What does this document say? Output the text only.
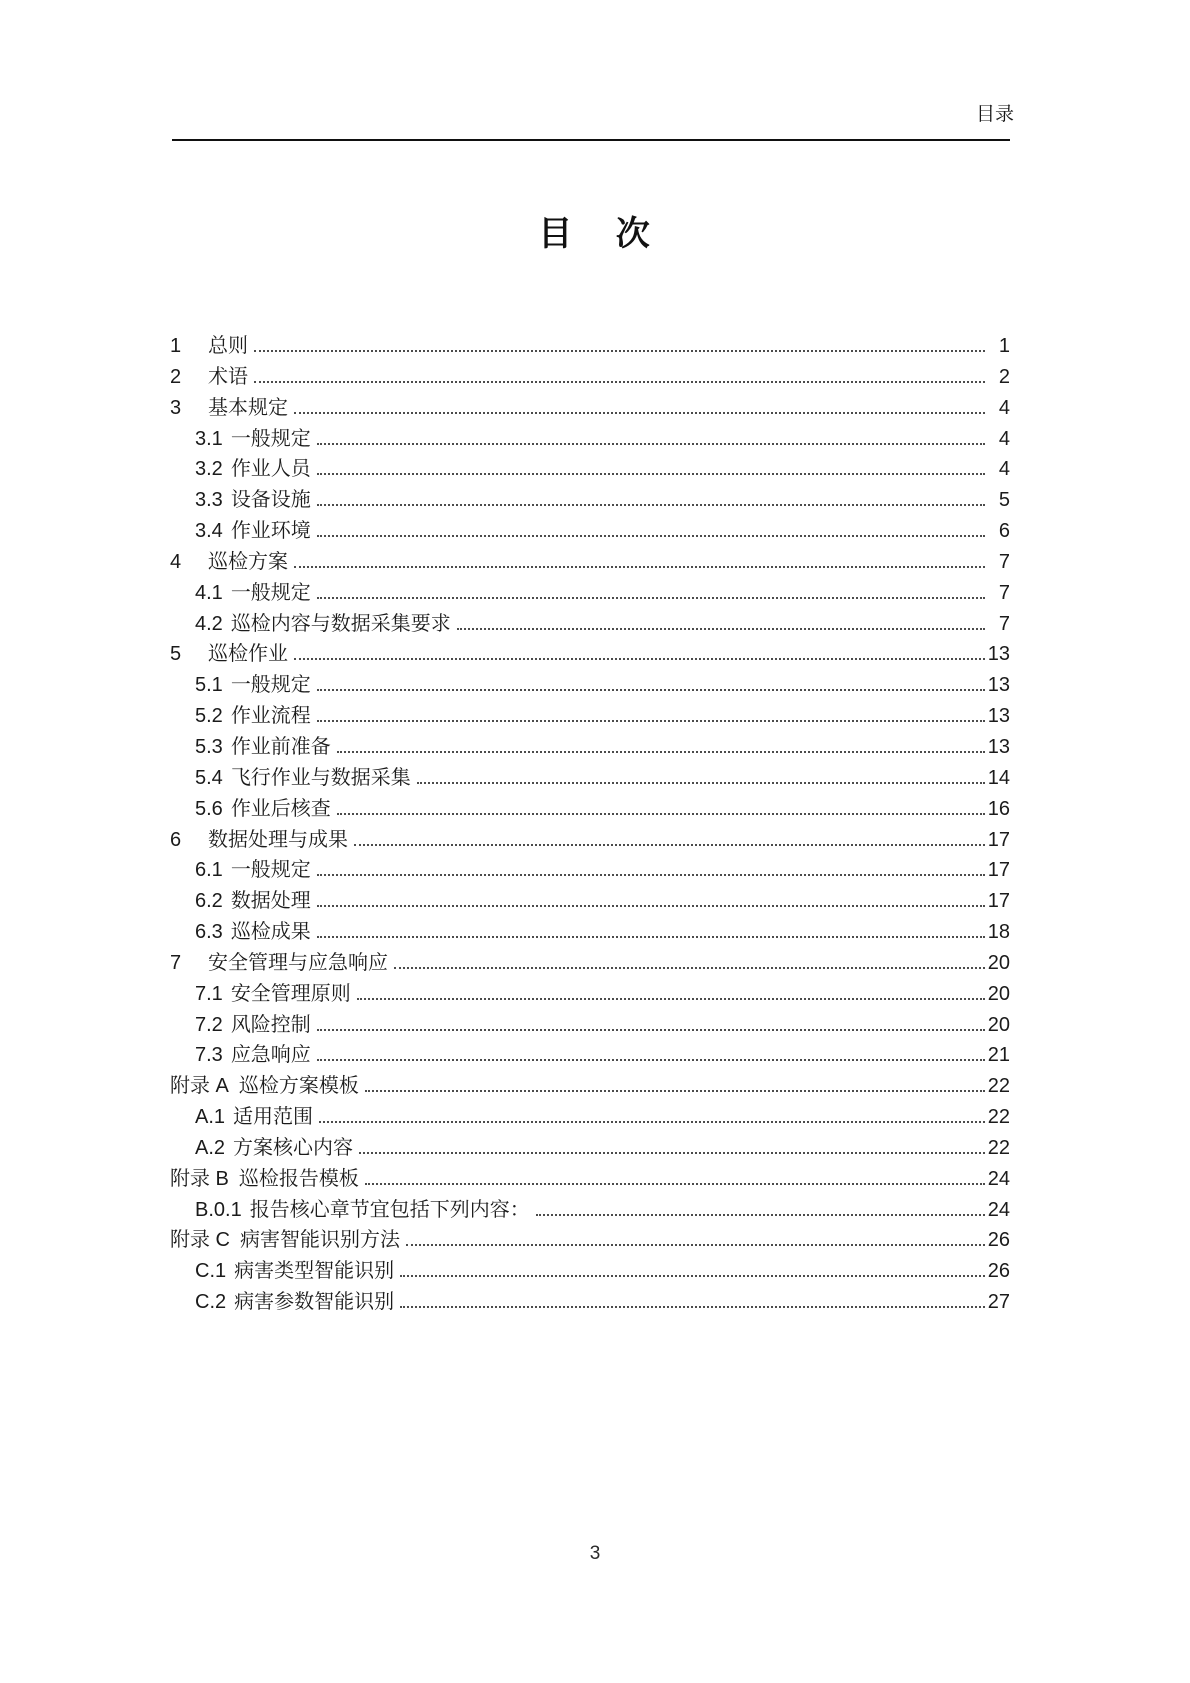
目录
目 次
1	总则	1
2	术语	2
3	基本规定	4
3.1 一般规定	4
3.2 作业人员	4
3.3 设备设施	5
3.4 作业环境	6
4	巡检方案	7
4.1 一般规定	7
4.2 巡检内容与数据采集要求	7
5	巡检作业	13
5.1 一般规定	13
5.2 作业流程	13
5.3 作业前准备	13
5.4 飞行作业与数据采集	14
5.6 作业后核查	16
6	数据处理与成果	17
6.1 一般规定	17
6.2 数据处理	17
6.3 巡检成果	18
7	安全管理与应急响应	20
7.1 安全管理原则	20
7.2 风险控制	20
7.3 应急响应	21
附录 A 巡检方案模板	22
A.1 适用范围	22
A.2 方案核心内容	22
附录 B 巡检报告模板	24
B.0.1 报告核心章节宜包括下列内容：	24
附录 C 病害智能识别方法	26
C.1 病害类型智能识别	26
C.2 病害参数智能识别	27
3
